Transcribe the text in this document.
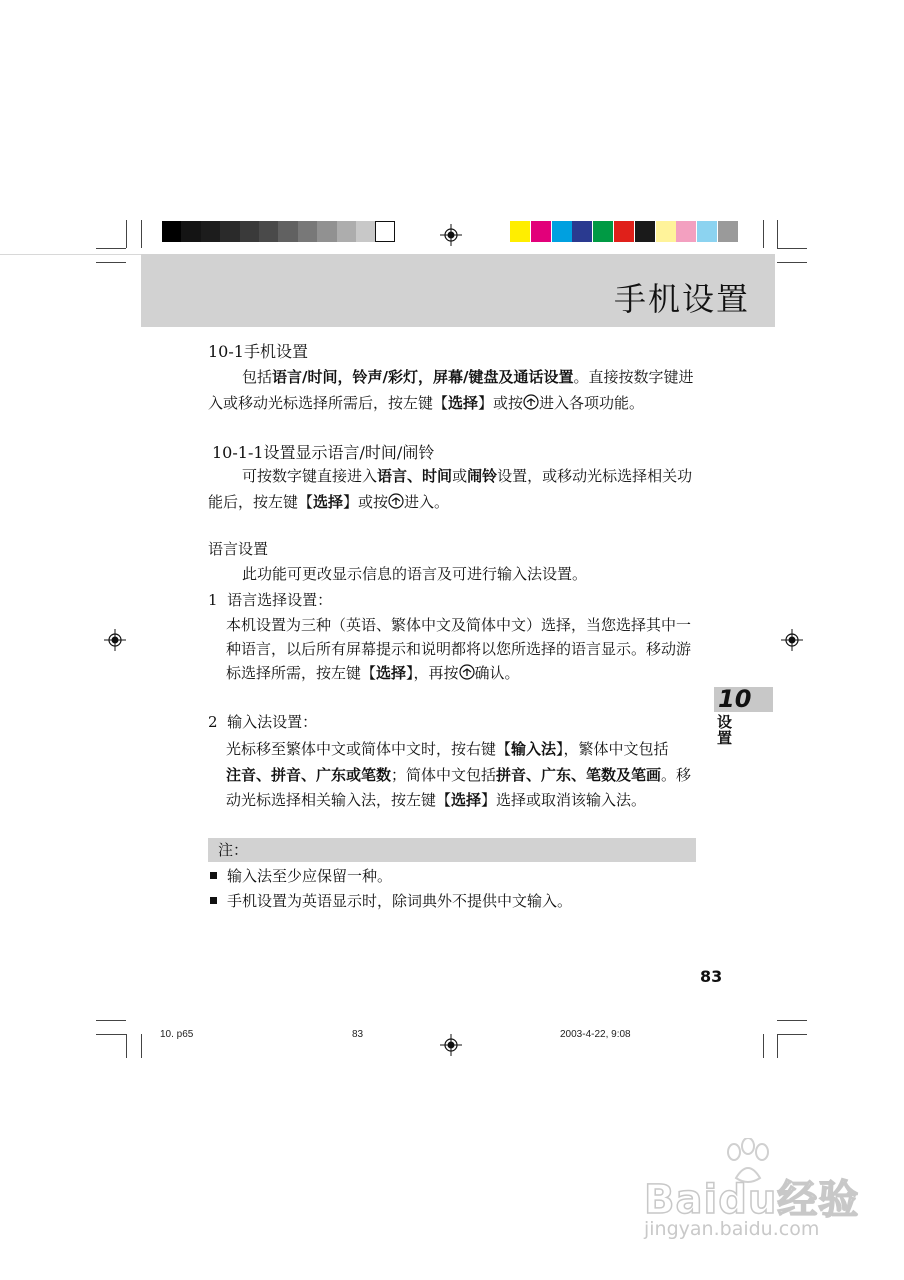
手机设置
10-1手机设置
包括语言/时间，铃声/彩灯，屏幕/键盘及通话设置。直接按数字键进
入或移动光标选择所需后，按左键【选择】或按 进入各项功能。
10-1-1设置显示语言/时间/闹铃
可按数字键直接进入语言、时间或闹铃设置，或移动光标选择相关功
能后，按左键【选择】或按 进入。
语言设置
此功能可更改显示信息的语言及可进行输入法设置。
1 语言选择设置：
本机设置为三种（英语、繁体中文及简体中文）选择，当您选择其中一
种语言，以后所有屏幕提示和说明都将以您所选择的语言显示。移动游
标选择所需，按左键【选择】，再按 确认。
2 输入法设置：
光标移至繁体中文或简体中文时，按右键【输入法】，繁体中文包括
注音、拼音、广东或笔数；简体中文包括拼音、广东、笔数及笔画。移
动光标选择相关输入法，按左键【选择】选择或取消该输入法。
注：
输入法至少应保留一种。
手机设置为英语显示时，除词典外不提供中文输入。
10
设置
83
10. p65	83	2003-4-22, 9:08
Baidu经验
jingyan.baidu.com
